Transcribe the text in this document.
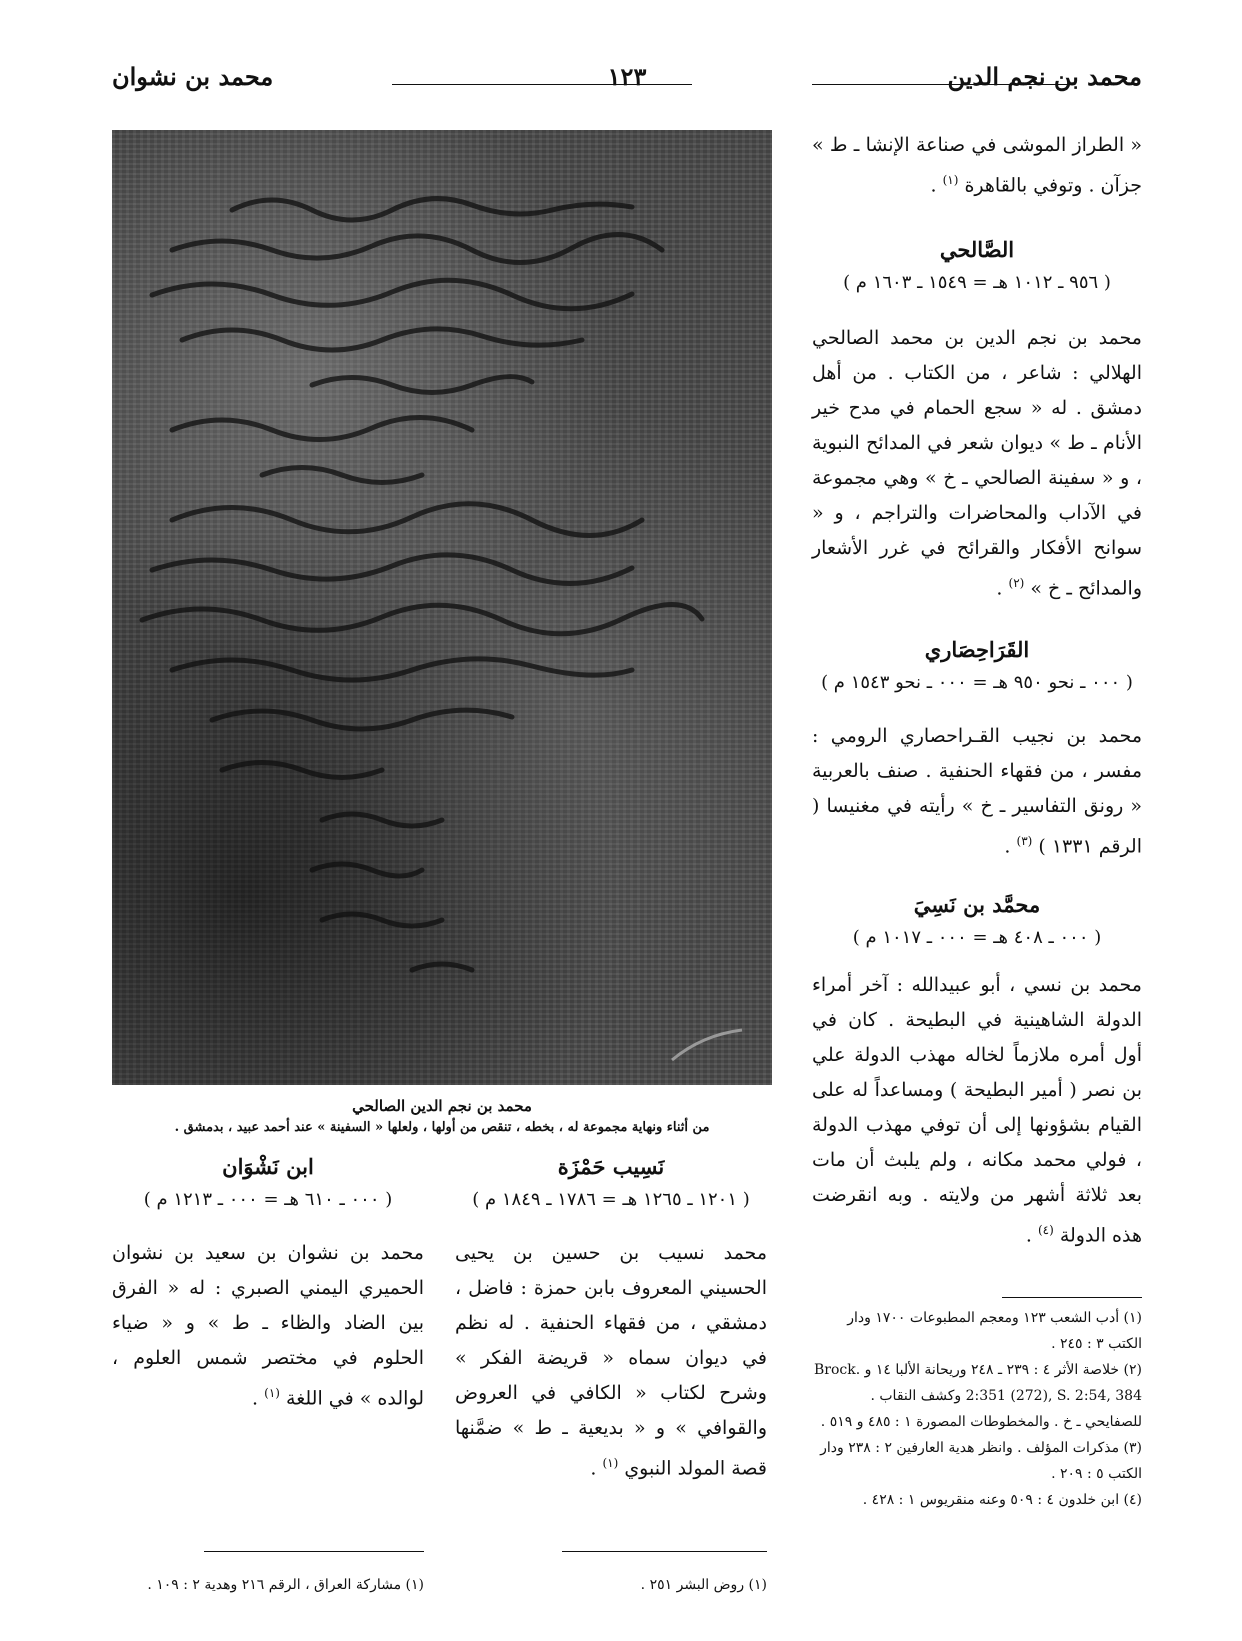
محمد بن نجم الدين
١٢٣
محمد بن نشوان

« الطراز الموشى في صناعة الإنشا ـ ط » جزآن . وتوفي بالقاهرة $^{(١)}$ .

الصَّالحي

( ٩٥٦ ـ ١٠١٢ هـ = ١٥٤٩ ـ ١٦٠٣ م )

محمد بن نجم الدين بن محمد الصالحي الهلالي : شاعر ، من الكتاب . من أهل دمشق . له « سجع الحمام في مدح خير الأنام ـ ط » ديوان شعر في المدائح النبوية ، و « سفينة الصالحي ـ خ » وهي مجموعة في الآداب والمحاضرات والتراجم ، و « سوانح الأفكار والقرائح في غرر الأشعار والمدائح ـ خ » $^{(٢)}$ .

القَرَاحِصَاري

( ٠٠٠ ـ نحو ٩٥٠ هـ = ٠٠٠ ـ نحو ١٥٤٣ م )

محمد بن نجيب القـراحصاري الرومي : مفسر ، من فقهاء الحنفية . صنف بالعربية « رونق التفاسير ـ خ » رأيته في مغنيسا ( الرقم ١٣٣١ ) $^{(٣)}$ .

محمَّد بن نَسِيَ

( ٠٠٠ ـ ٤٠٨ هـ = ٠٠٠ ـ ١٠١٧ م )

محمد بن نسي ، أبو عبيدالله : آخر أمراء الدولة الشاهينية في البطيحة . كان في أول أمره ملازماً لخاله مهذب الدولة علي بن نصر ( أمير البطيحة ) ومساعداً له على القيام بشؤونها إلى أن توفي مهذب الدولة ، فولي محمد مكانه ، ولم يلبث أن مات بعد ثلاثة أشهر من ولايته . وبه انقرضت هذه الدولة $^{(٤)}$ .

(١) أدب الشعب ١٢٣ ومعجم المطبوعات ١٧٠٠ ودار الكتب ٣ : ٢٤٥ .

(٢) خلاصة الأثر ٤ : ٢٣٩ ـ ٢٤٨ وريحانة الألبا ١٤ و Brock. 2:351 (272), S. 2:54, 384 وكشف النقاب . للصفايحي ـ خ . والمخطوطات المصورة ١ : ٤٨٥ و ٥١٩ .

(٣) مذكرات المؤلف . وانظر هدية العارفين ٢ : ٢٣٨ ودار الكتب ٥ : ٢٠٩ .

(٤) ابن خلدون ٤ : ٥٠٩ وعنه منقريوس ١ : ٤٢٨ .

محمد بن نجم الدين الصالحي
من أثناء ونهاية مجموعة له ، بخطه ، تنقص من أولها ، ولعلها « السفينة » عند أحمد عبيد ، بدمشق .

نَسِيب حَمْزَة

( ١٢٠١ ـ ١٢٦٥ هـ = ١٧٨٦ ـ ١٨٤٩ م )

محمد نسيب بن حسين بن يحيى الحسيني المعروف بابن حمزة : فاضل ، دمشقي ، من فقهاء الحنفية . له نظم في ديوان سماه « قريضة الفكر » وشرح لكتاب « الكافي في العروض والقوافي » و « بديعية ـ ط » ضمَّنها قصة المولد النبوي $^{(١)}$ .

ابن نَشْوَان

( ٠٠٠ ـ ٦١٠ هـ = ٠٠٠ ـ ١٢١٣ م )

محمد بن نشوان بن سعيد بن نشوان الحميري اليمني الصبري : له « الفرق بين الضاد والظاء ـ ط » و « ضياء الحلوم في مختصر شمس العلوم ، لوالده » في اللغة $^{(١)}$ .

(١) روض البشر ٢٥١ .

(١) مشاركة العراق ، الرقم ٢١٦ وهدية ٢ : ١٠٩ .
